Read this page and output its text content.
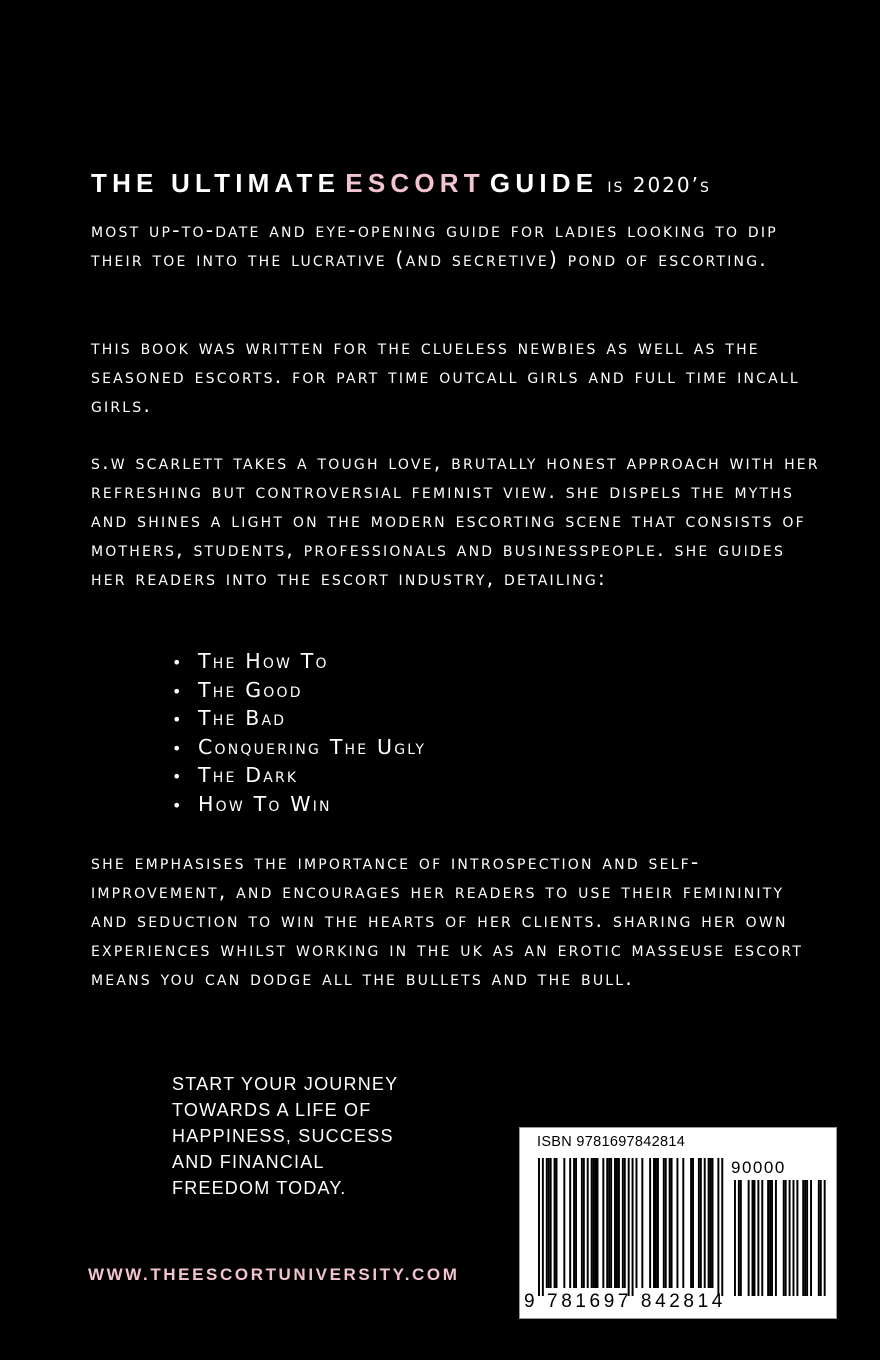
THE ULTIMATE ESCORT GUIDE is 2020’s

most up-to-date and eye-opening guide for ladies looking to dip their toe into the lucrative (and secretive) pond of escorting.

this book was written for the clueless newbies as well as the seasoned escorts. for part time outcall girls and full time incall girls.

s.w scarlett takes a tough love, brutally honest approach with her refreshing but controversial feminist view. she dispels the myths and shines a light on the modern escorting scene that consists of mothers, students, professionals and businesspeople. she guides her readers into the escort industry, detailing:

• The How To
• The Good
• The Bad
• Conquering The Ugly
• The Dark
• How To Win

she emphasises the importance of introspection and self-improvement, and encourages her readers to use their femininity and seduction to win the hearts of her clients. sharing her own experiences whilst working in the uk as an erotic masseuse escort means you can dodge all the bullets and the bull.

START YOUR JOURNEY
TOWARDS A LIFE OF
HAPPINESS, SUCCESS
AND FINANCIAL
FREEDOM TODAY.

WWW.THEESCORTUNIVERSITY.COM
ISBN 9781697842814
90000
9 781697 842814
